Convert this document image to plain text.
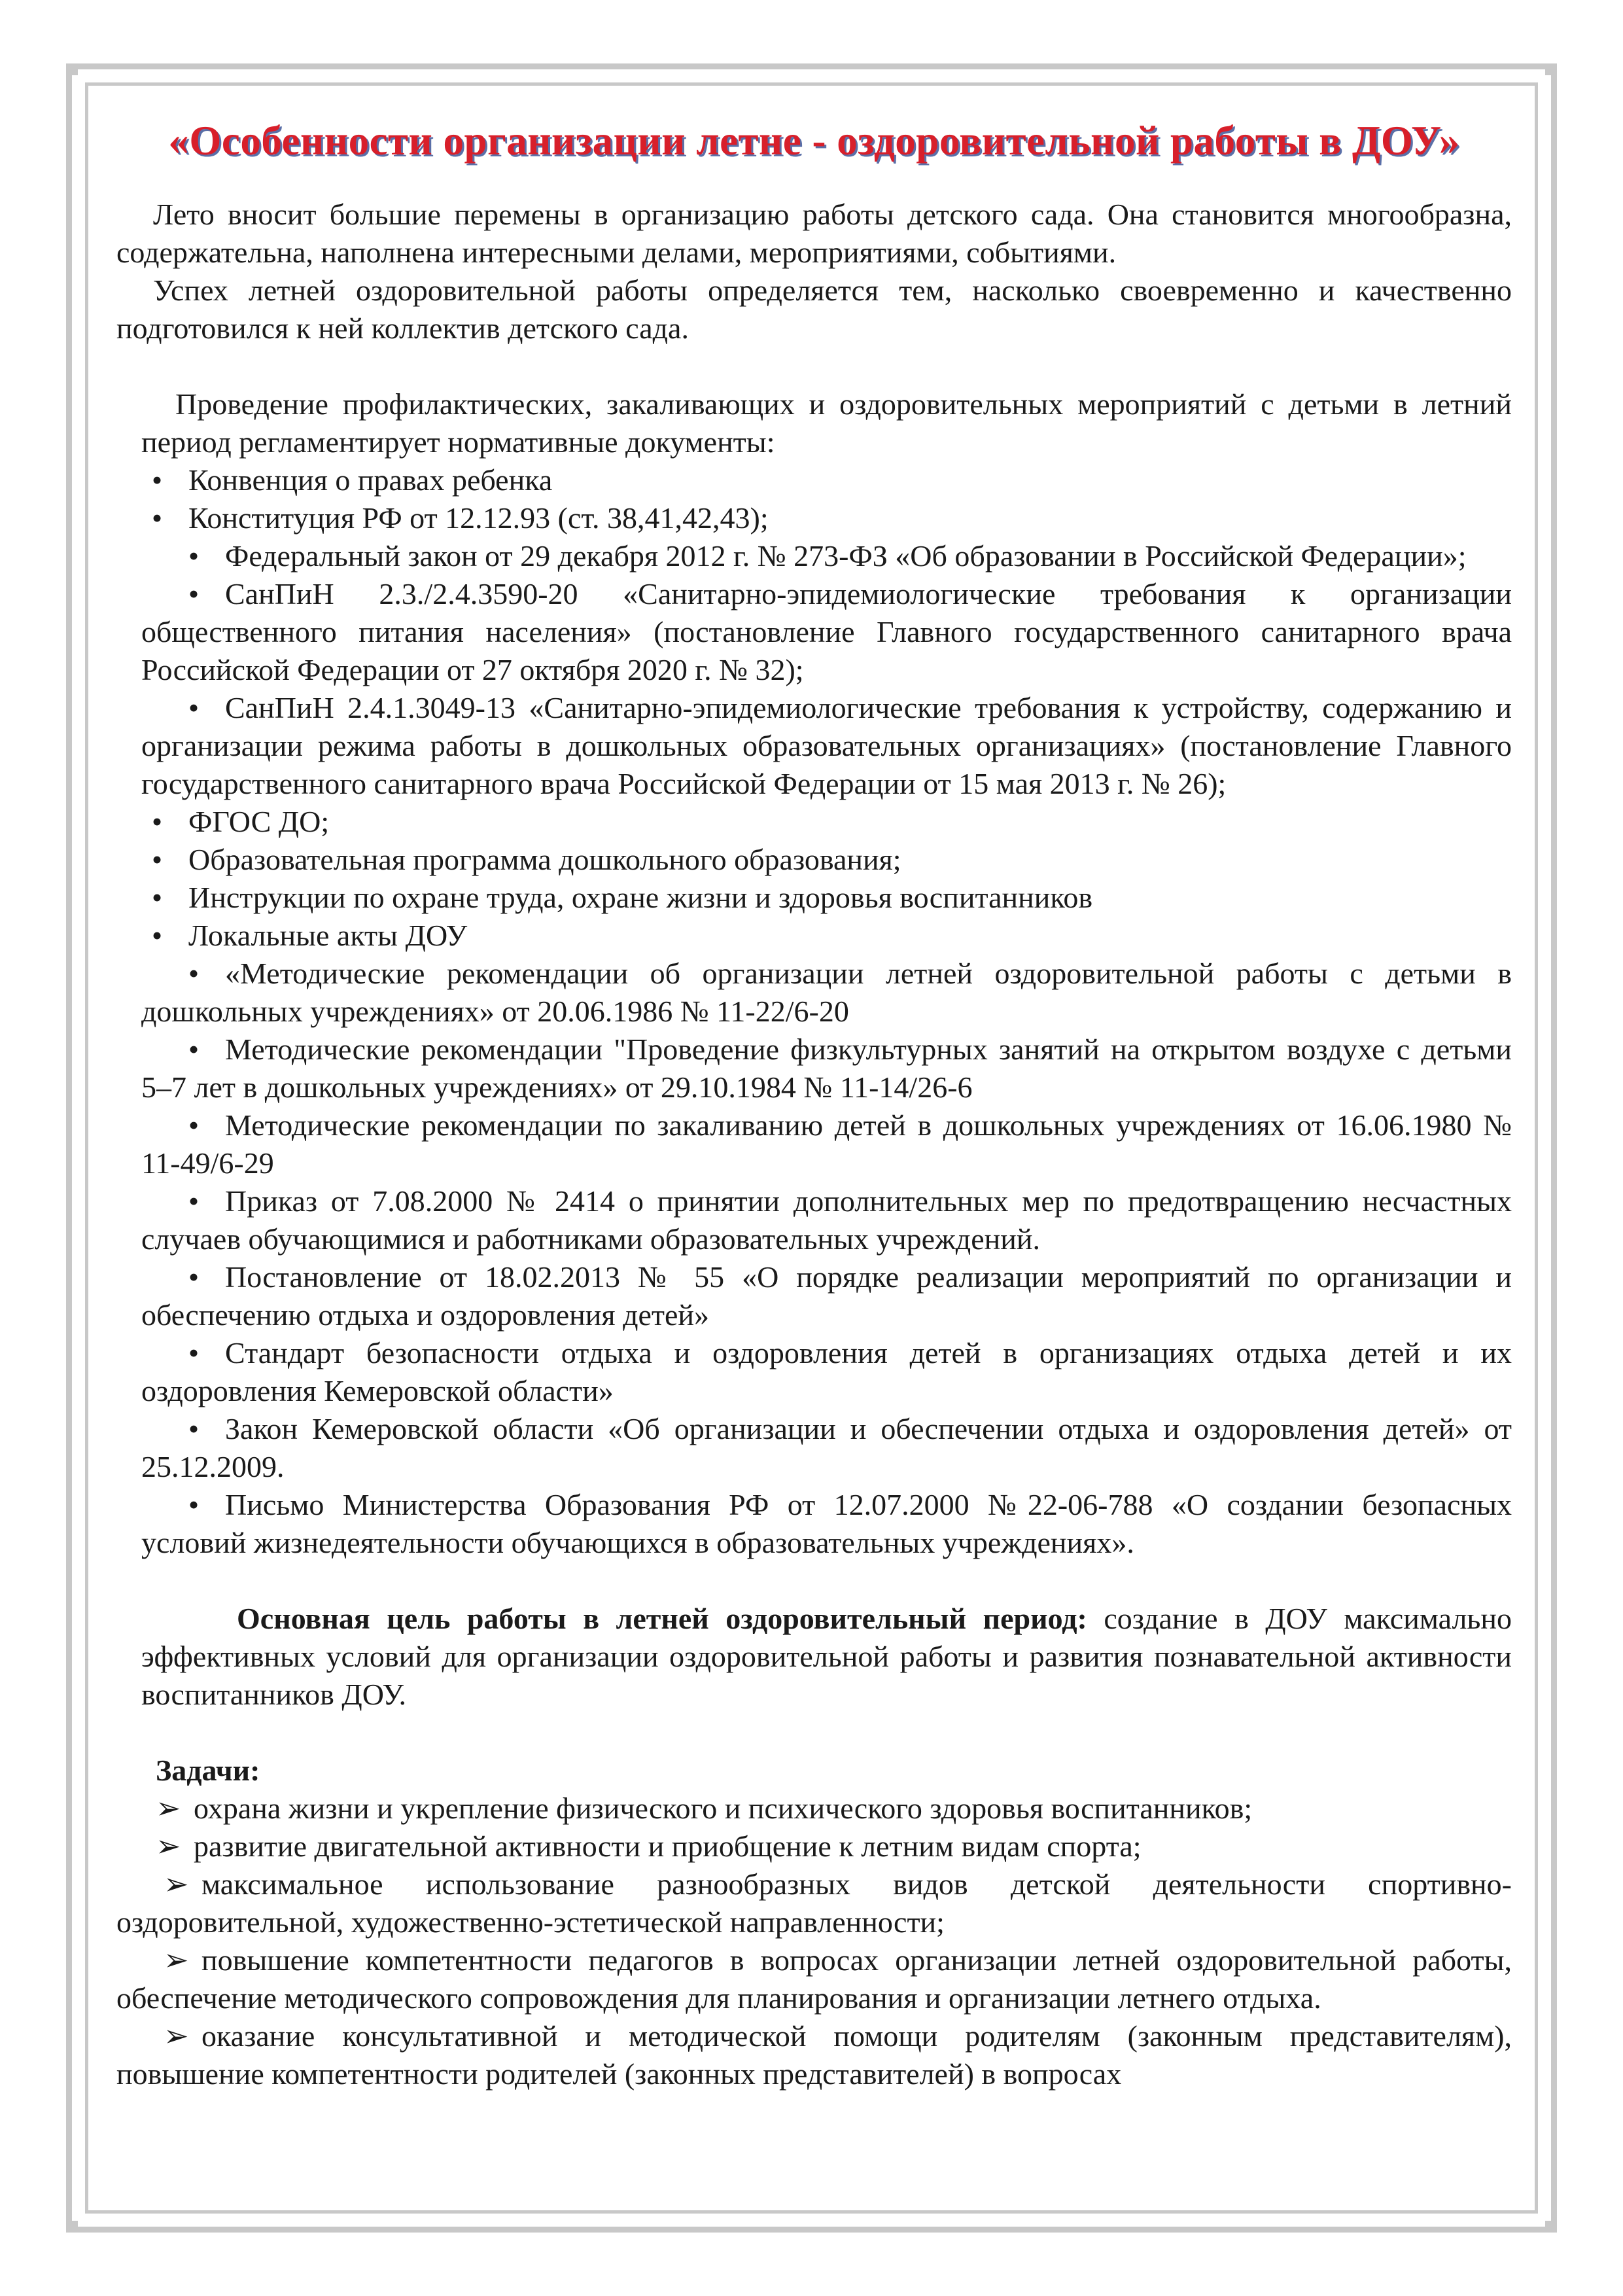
«Особенности организации летне - оздоровительной работы в ДОУ»

Лето вносит большие перемены в организацию работы детского сада. Она становится многообразна, содержательна, наполнена интересными делами, мероприятиями, событиями.

Успех летней оздоровительной работы определяется тем, насколько своевременно и качественно подготовился к ней коллектив детского сада.

Проведение профилактических, закаливающих и оздоровительных мероприятий с детьми в летний период регламентирует нормативные документы:

• Конвенция о правах ребенка
• Конституция РФ от 12.12.93 (ст. 38,41,42,43);
• Федеральный закон от 29 декабря 2012 г. № 273-ФЗ «Об образовании в Российской Федерации»;
• СанПиН 2.3./2.4.3590-20 «Санитарно-эпидемиологические требования к организации общественного питания населения» (постановление Главного государственного санитарного врача Российской Федерации от 27 октября 2020 г. № 32);
• СанПиН 2.4.1.3049-13 «Санитарно-эпидемиологические требования к устройству, содержанию и организации режима работы в дошкольных образовательных организациях» (постановление Главного государственного санитарного врача Российской Федерации от 15 мая 2013 г. № 26);
• ФГОС ДО;
• Образовательная программа дошкольного образования;
• Инструкции по охране труда, охране жизни и здоровья воспитанников
• Локальные акты ДОУ
• «Методические рекомендации об организации летней оздоровительной работы с детьми в дошкольных учреждениях» от 20.06.1986 № 11-22/6-20
• Методические рекомендации "Проведение физкультурных занятий на открытом воздухе с детьми 5–7 лет в дошкольных учреждениях» от 29.10.1984 № 11-14/26-6
• Методические рекомендации по закаливанию детей в дошкольных учреждениях от 16.06.1980 № 11-49/6-29
• Приказ от 7.08.2000 № 2414 о принятии дополнительных мер по предотвращению несчастных случаев обучающимися и работниками образовательных учреждений.
• Постановление от 18.02.2013 № 55 «О порядке реализации мероприятий по организации и обеспечению отдыха и оздоровления детей»
• Стандарт безопасности отдыха и оздоровления детей в организациях отдыха детей и их оздоровления Кемеровской области»
• Закон Кемеровской области «Об организации и обеспечении отдыха и оздоровления детей» от 25.12.2009.
• Письмо Министерства Образования РФ от 12.07.2000 №22-06-788 «О создании безопасных условий жизнедеятельности обучающихся в образовательных учреждениях».

Основная цель работы в летней оздоровительный период: создание в ДОУ максимально эффективных условий для организации оздоровительной работы и развития познавательной активности воспитанников ДОУ.

Задачи:
➢ охрана жизни и укрепление физического и психического здоровья воспитанников;
➢ развитие двигательной активности и приобщение к летним видам спорта;
➢ максимальное использование разнообразных видов детской деятельности спортивно-оздоровительной, художественно-эстетической направленности;
➢ повышение компетентности педагогов в вопросах организации летней оздоровительной работы, обеспечение методического сопровождения для планирования и организации летнего отдыха.
➢ оказание консультативной и методической помощи родителям (законным представителям), повышение компетентности родителей (законных представителей) в вопросах
